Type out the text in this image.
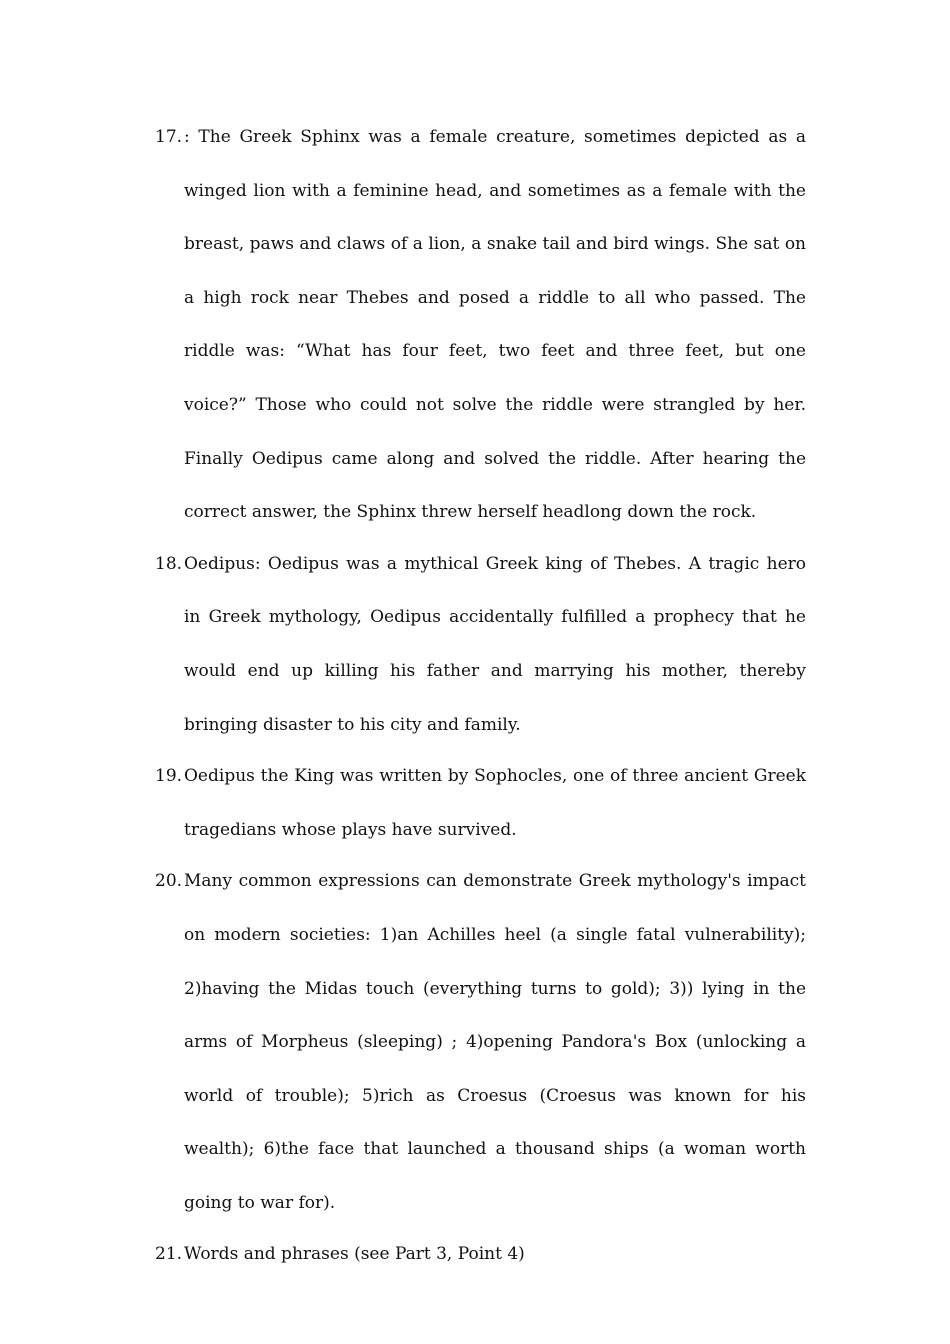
17. : The Greek Sphinx was a female creature, sometimes depicted as a winged lion with a feminine head, and sometimes as a female with the breast, paws and claws of a lion, a snake tail and bird wings. She sat on a high rock near Thebes and posed a riddle to all who passed. The riddle was: “What has four feet, two feet and three feet, but one voice?” Those who could not solve the riddle were strangled by her. Finally Oedipus came along and solved the riddle. After hearing the correct answer, the Sphinx threw herself headlong down the rock.
18. Oedipus: Oedipus was a mythical Greek king of Thebes. A tragic hero in Greek mythology, Oedipus accidentally fulfilled a prophecy that he would end up killing his father and marrying his mother, thereby bringing disaster to his city and family.
19. Oedipus the King was written by Sophocles, one of three ancient Greek tragedians whose plays have survived.
20. Many common expressions can demonstrate Greek mythology's impact on modern societies: 1)an Achilles heel (a single fatal vulnerability); 2)having the Midas touch (everything turns to gold); 3)) lying in the arms of Morpheus (sleeping) ; 4)opening Pandora's Box (unlocking a world of trouble); 5)rich as Croesus (Croesus was known for his wealth); 6)the face that launched a thousand ships (a woman worth going to war for).
21. Words and phrases (see Part 3, Point 4)
